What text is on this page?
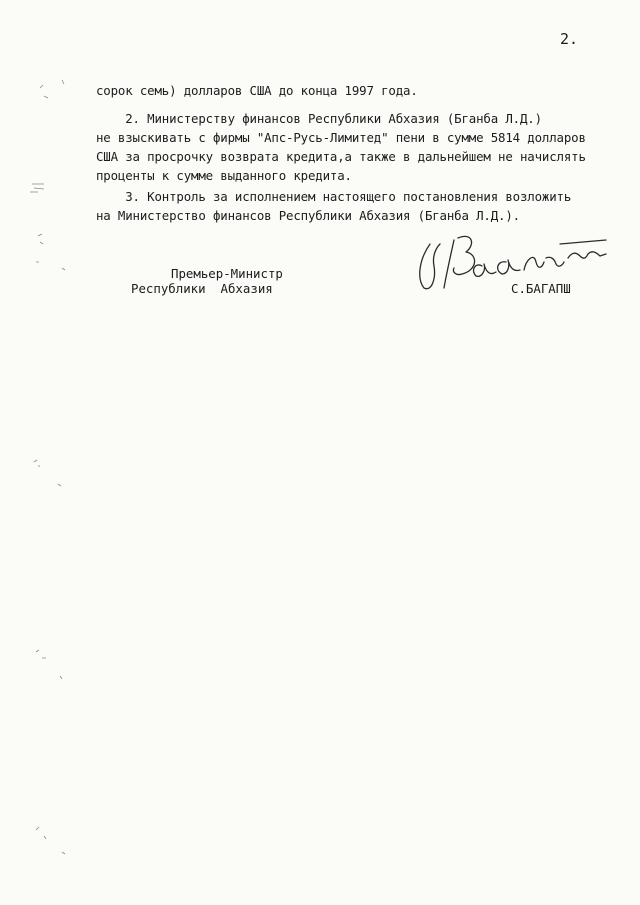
2.
сорок семь) долларов США до конца 1997 года.
2. Министерству финансов Республики Абхазия (Бганба Л.Д.)
не взыскивать с фирмы "Апс-Русь-Лимитед" пени в сумме 5814 долларов
США за просрочку возврата кредита,а также в дальнейшем не начислять
проценты к сумме выданного кредита.
3. Контроль за исполнением настоящего постановления возложить
на Министерство финансов Республики Абхазия (Бганба Л.Д.).
Премьер-Министр
Республики  Абхазия	С.БАГАПШ
